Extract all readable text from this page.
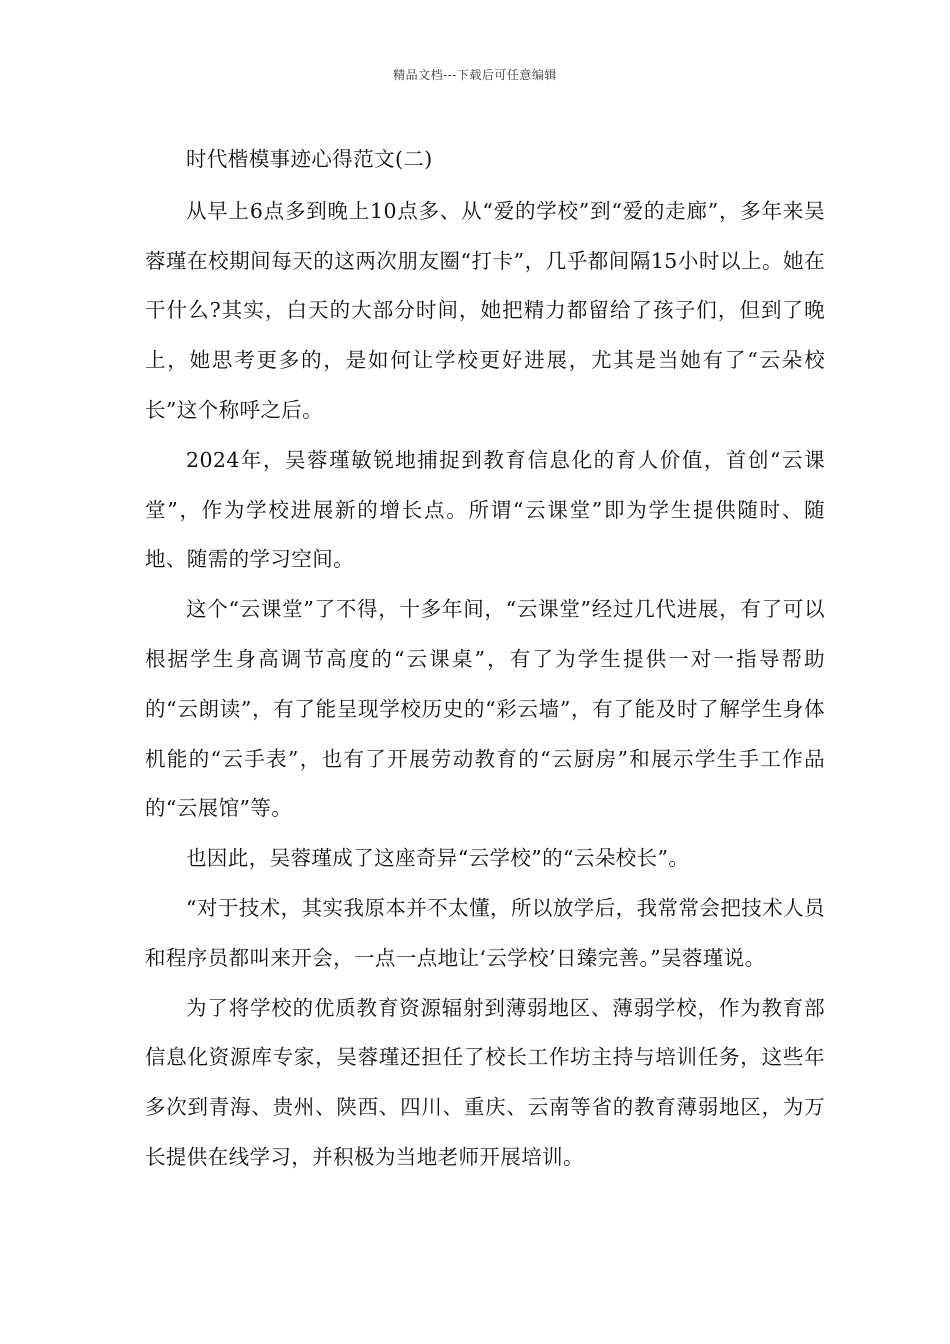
精品文档---下载后可任意编辑

时代楷模事迹心得范文(二)

从早上6点多到晚上10点多、从“爱的学校”到“爱的走廊”，多年来吴蓉瑾在校期间每天的这两次朋友圈“打卡”，几乎都间隔15小时以上。她在干什么?其实，白天的大部分时间，她把精力都留给了孩子们，但到了晚上，她思考更多的，是如何让学校更好进展，尤其是当她有了“云朵校长”这个称呼之后。

2024年，吴蓉瑾敏锐地捕捉到教育信息化的育人价值，首创“云课堂”，作为学校进展新的增长点。所谓“云课堂”即为学生提供随时、随地、随需的学习空间。

这个“云课堂”了不得，十多年间，“云课堂”经过几代进展，有了可以根据学生身高调节高度的“云课桌”，有了为学生提供一对一指导帮助的“云朗读”，有了能呈现学校历史的“彩云墙”，有了能及时了解学生身体机能的“云手表”，也有了开展劳动教育的“云厨房”和展示学生手工作品的“云展馆”等。

也因此，吴蓉瑾成了这座奇异“云学校”的“云朵校长”。

“对于技术，其实我原本并不太懂，所以放学后，我常常会把技术人员和程序员都叫来开会，一点一点地让‘云学校’日臻完善。”吴蓉瑾说。

为了将学校的优质教育资源辐射到薄弱地区、薄弱学校，作为教育部信息化资源库专家，吴蓉瑾还担任了校长工作坊主持与培训任务，这些年多次到青海、贵州、陕西、四川、重庆、云南等省的教育薄弱地区，为万长提供在线学习，并积极为当地老师开展培训。
